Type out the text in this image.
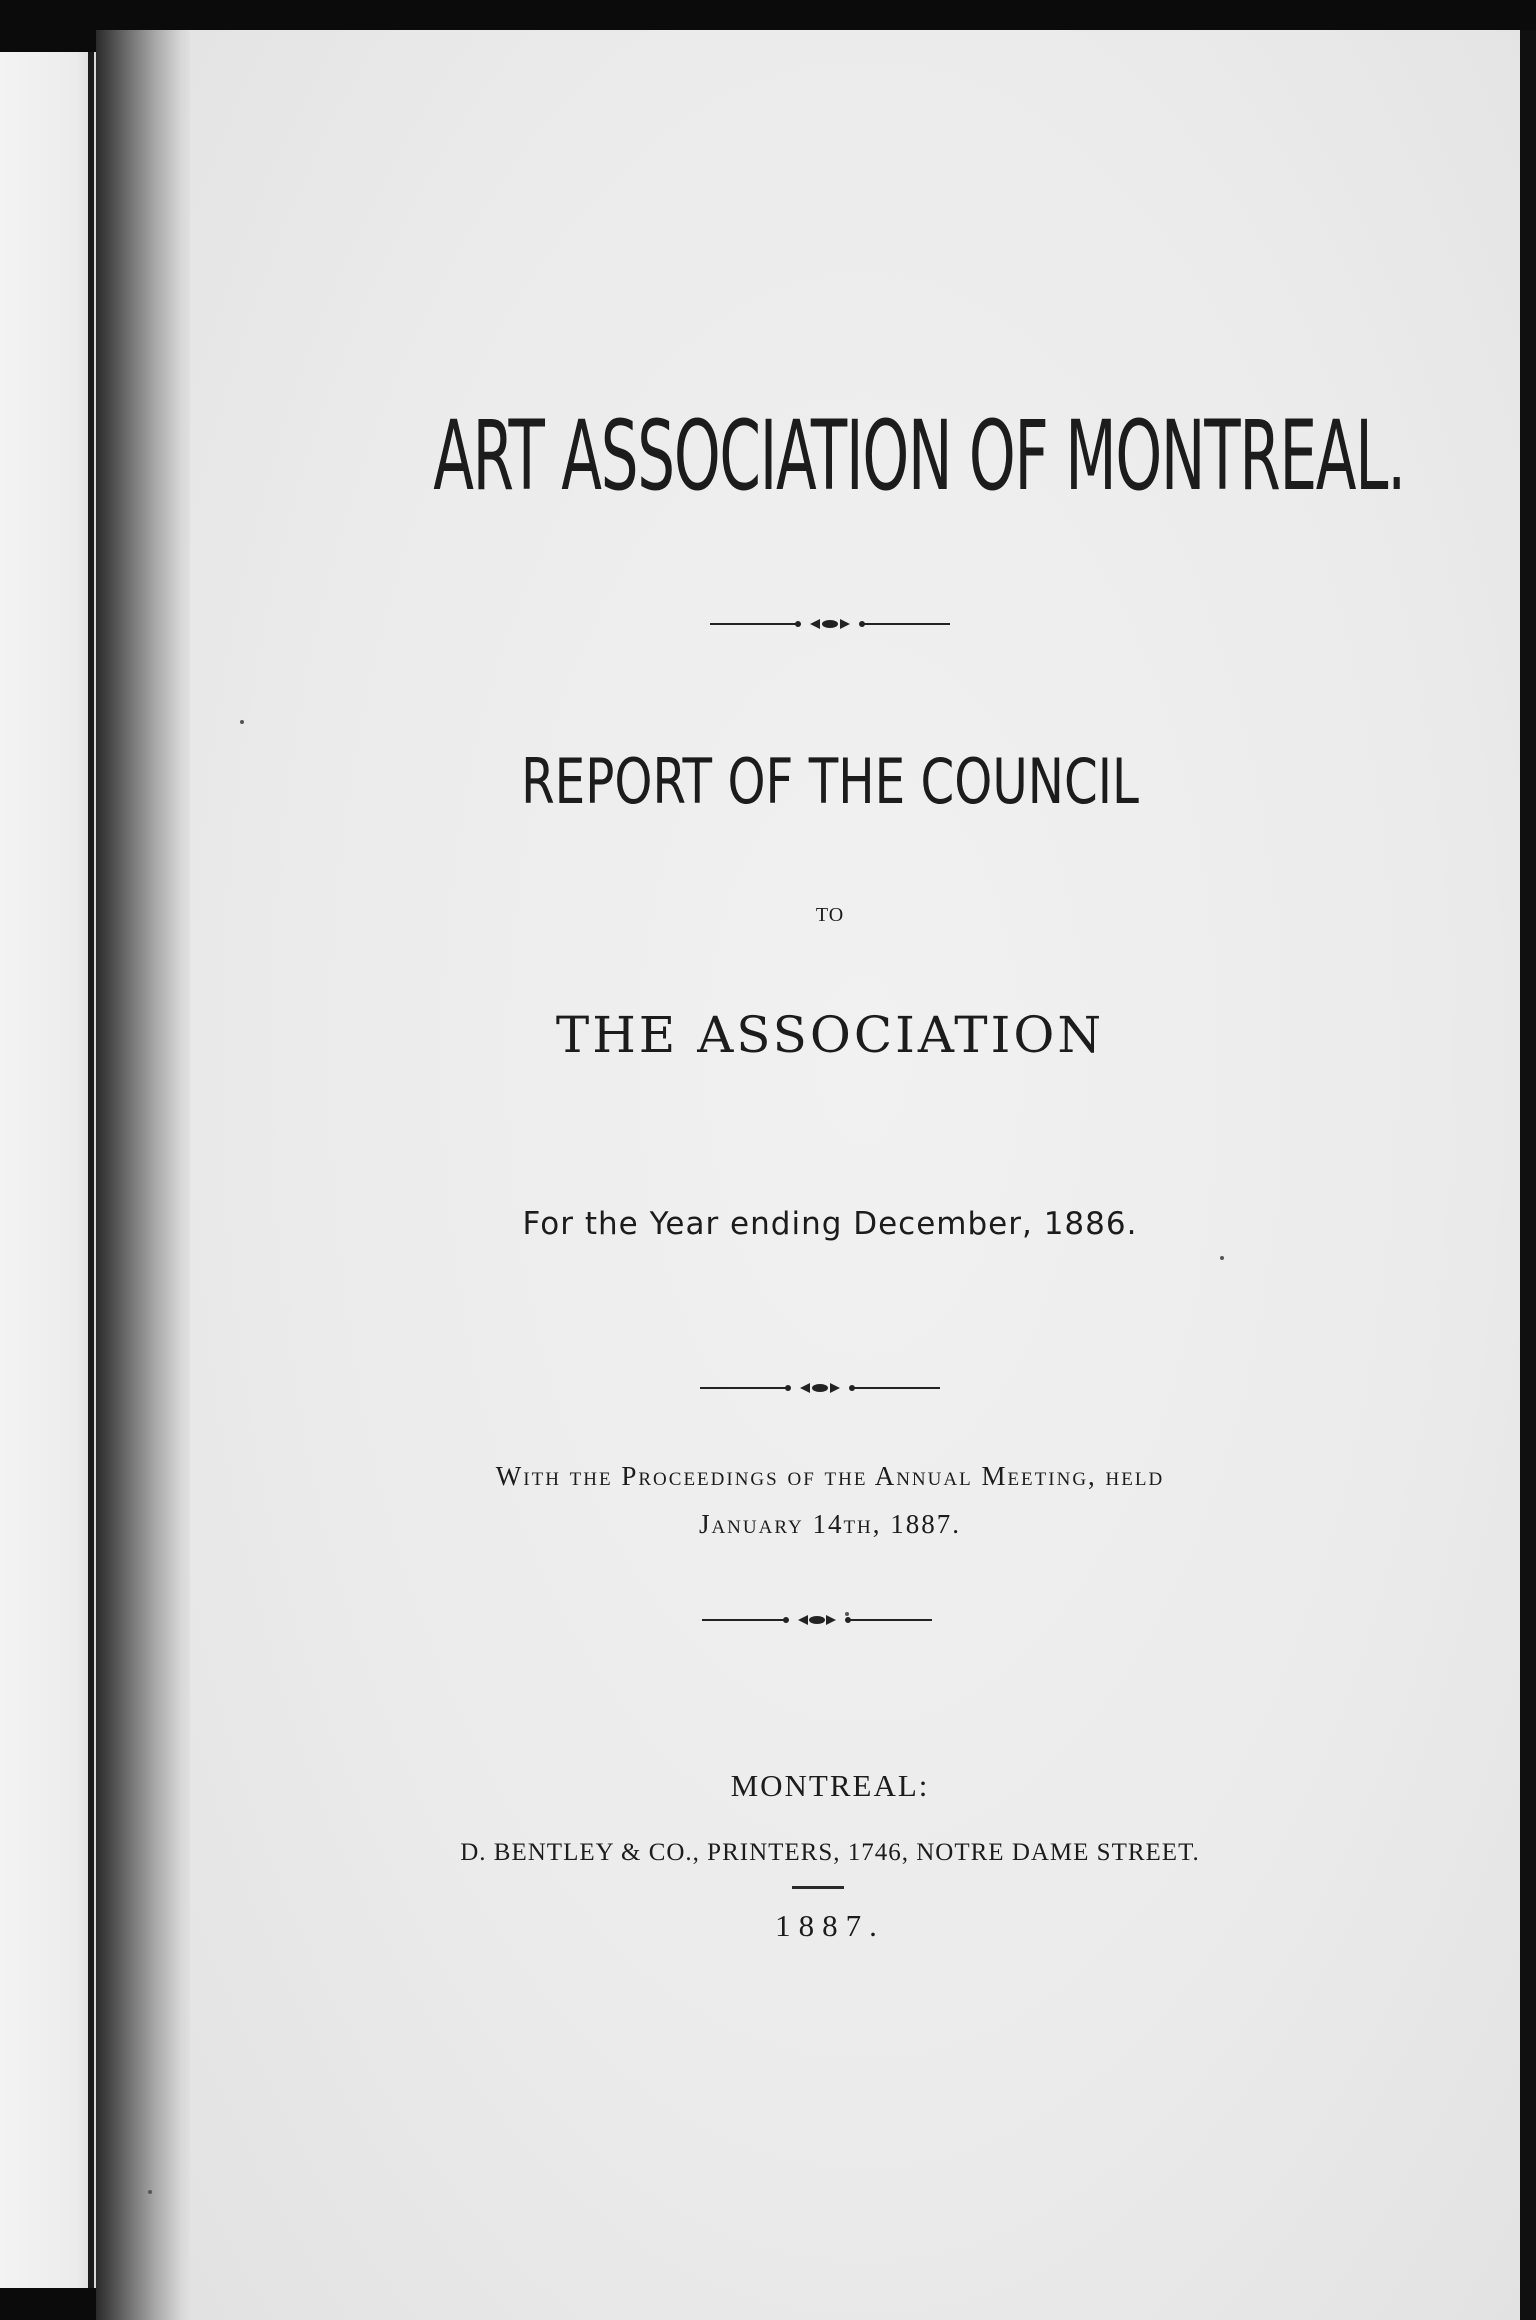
ART ASSOCIATION OF MONTREAL.
REPORT OF THE COUNCIL
TO
THE ASSOCIATION
For the Year ending December, 1886.
With the Proceedings of the Annual Meeting, held
January 14th, 1887.
MONTREAL:
D. BENTLEY & CO., PRINTERS, 1746, NOTRE DAME STREET.
1887.
